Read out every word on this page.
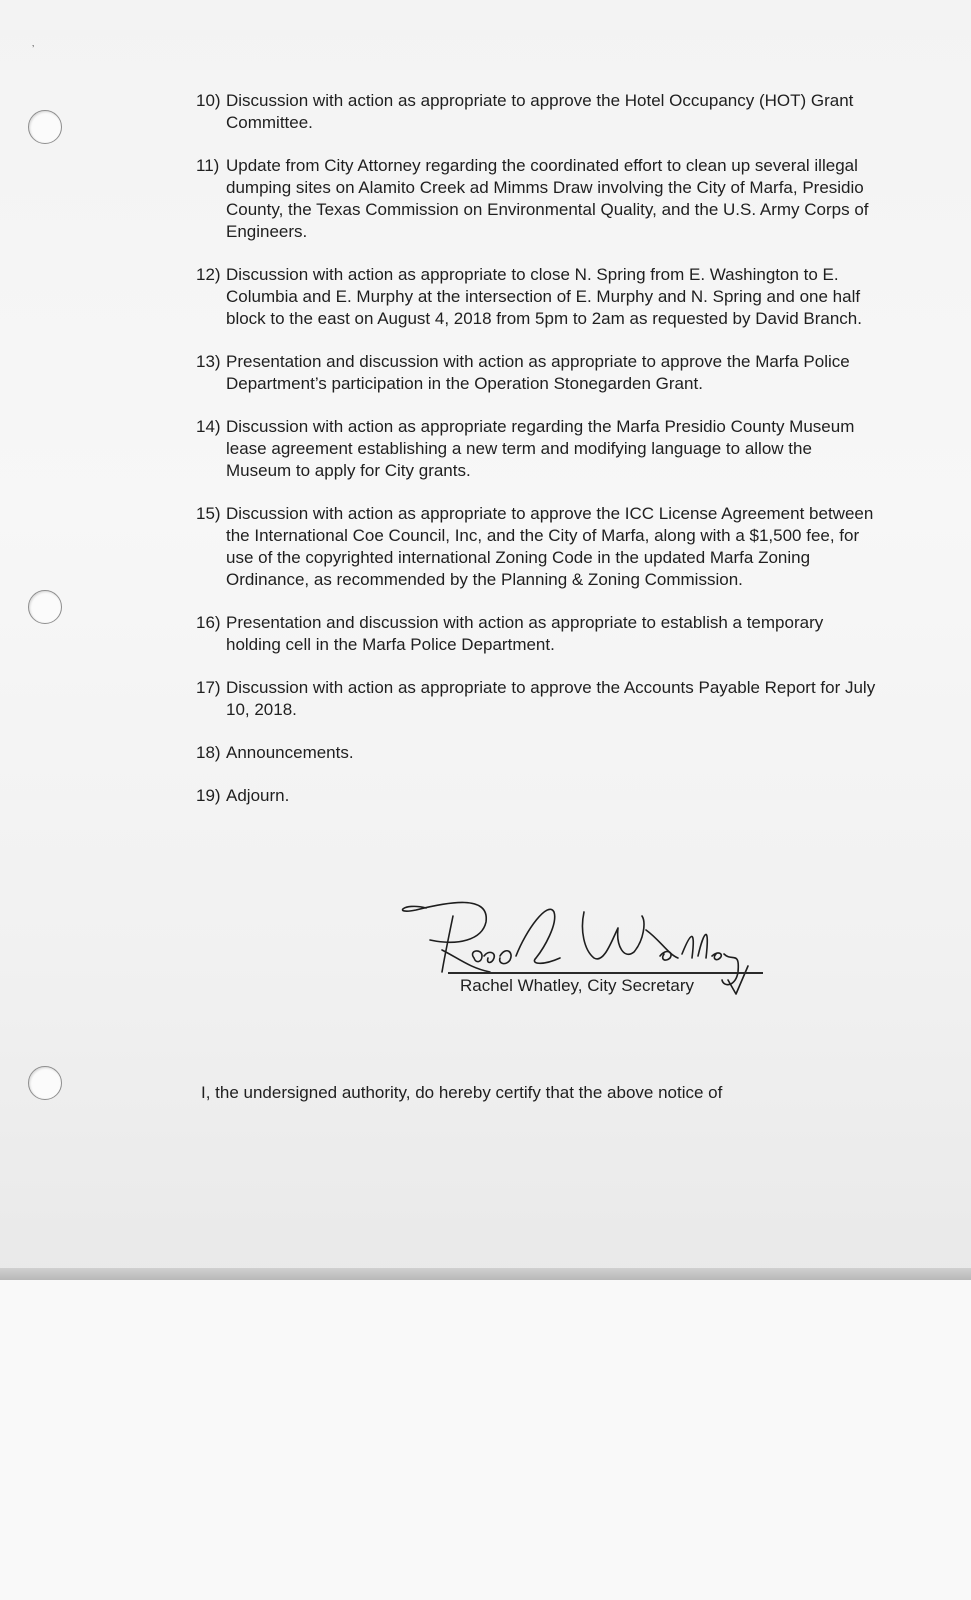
’
10) Discussion with action as appropriate to approve the Hotel Occupancy (HOT) Grant Committee.
11) Update from City Attorney regarding the coordinated effort to clean up several illegal dumping sites on Alamito Creek ad Mimms Draw involving the City of Marfa, Presidio County, the Texas Commission on Environmental Quality, and the U.S. Army Corps of Engineers.
12) Discussion with action as appropriate to close N. Spring from E. Washington to E. Columbia and E. Murphy at the intersection of E. Murphy and N. Spring and one half block to the east on August 4, 2018 from 5pm to 2am as requested by David Branch.
13) Presentation and discussion with action as appropriate to approve the Marfa Police Department’s participation in the Operation Stonegarden Grant.
14) Discussion with action as appropriate regarding the Marfa Presidio County Museum lease agreement establishing a new term and modifying language to allow the Museum to apply for City grants.
15) Discussion with action as appropriate to approve the ICC License Agreement between the International Coe Council, Inc, and the City of Marfa, along with a $1,500 fee, for use of the copyrighted international Zoning Code in the updated Marfa Zoning Ordinance, as recommended by the Planning & Zoning Commission.
16) Presentation and discussion with action as appropriate to establish a temporary holding cell in the Marfa Police Department.
17) Discussion with action as appropriate to approve the Accounts Payable Report for July 10, 2018.
18) Announcements.
19) Adjourn.
Rachel Whatley, City Secretary
I, the undersigned authority, do hereby certify that the above notice of
